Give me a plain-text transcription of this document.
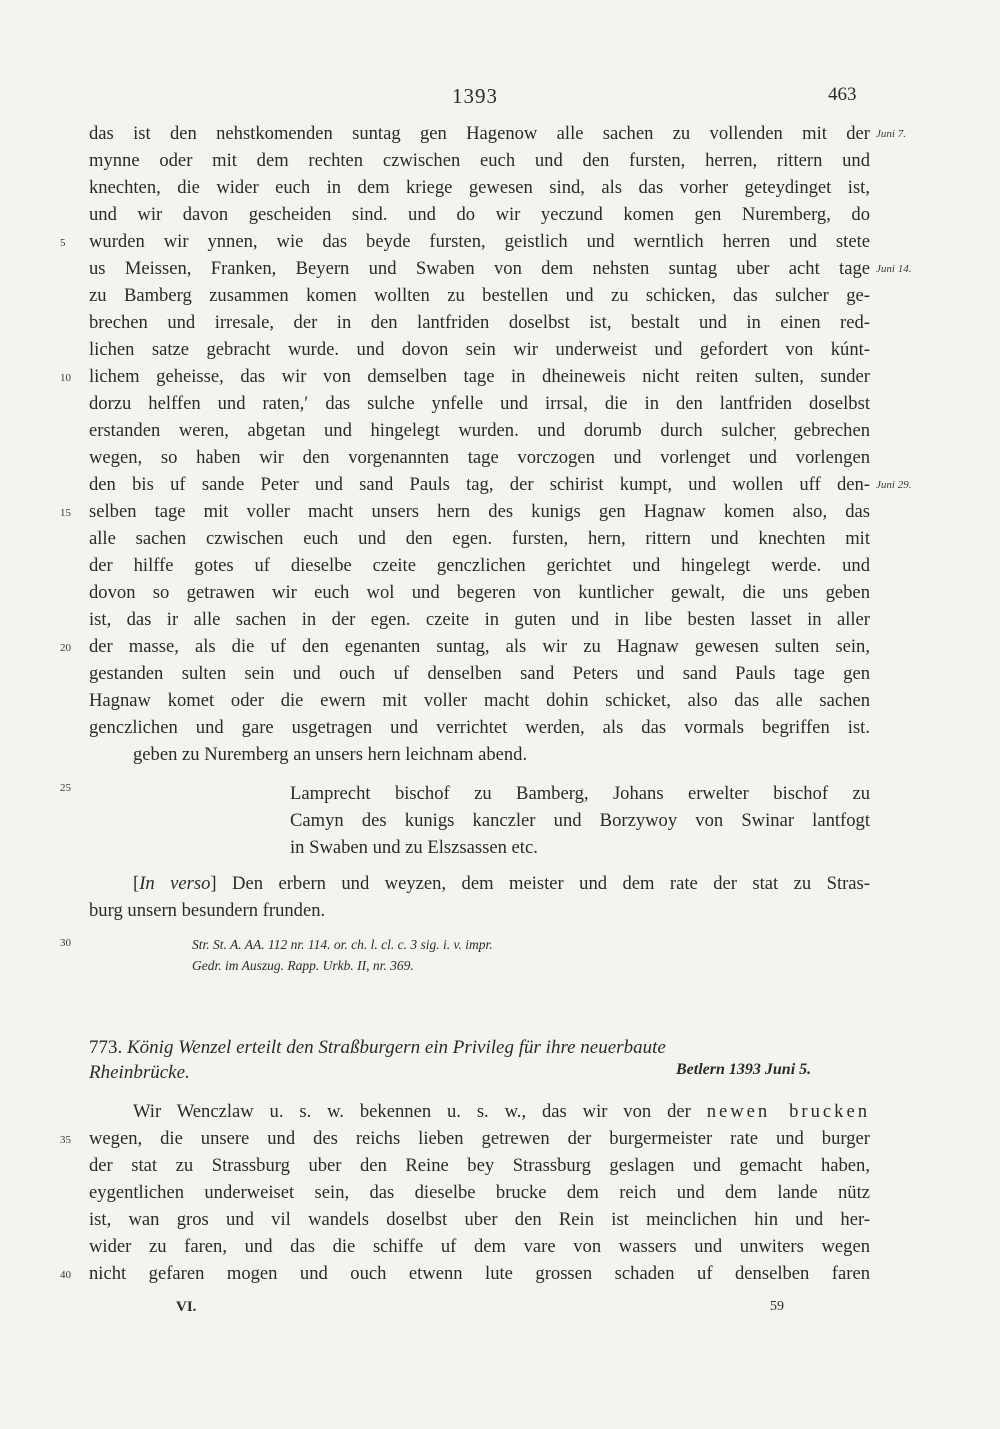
1393	463
das ist den nehstkomenden suntag gen Hagenow alle sachen zu vollenden mit der
mynne oder mit dem rechten czwischen euch und den fursten, herren, rittern und
knechten, die wider euch in dem kriege gewesen sind, als das vorher geteydinget ist,
und wir davon gescheiden sind. und do wir yeczund komen gen Nuremberg, do
wurden wir ynnen, wie das beyde fursten, geistlich und werntlich herren und stete
us Meissen, Franken, Beyern und Swaben von dem nehsten suntag uber acht tage
zu Bamberg zusammen komen wollten zu bestellen und zu schicken, das sulcher ge-
brechen und irresale, der in den lantfriden doselbst ist, bestalt und in einen red-
lichen satze gebracht wurde. und dovon sein wir underweist und gefordert von kúnt-
lichem geheisse, das wir von demselben tage in dheineweis nicht reiten sulten, sunder
dorzu helffen und raten,ʹ das sulche ynfelle und irrsal, die in den lantfriden doselbst
erstanden weren, abgetan und hingelegt wurden. und dorumb durch sulcher̦ gebrechen
wegen, so haben wir den vorgenannten tage vorczogen und vorlenget und vorlengen
den bis uf sande Peter und sand Pauls tag, der schirist kumpt, und wollen uff den-
selben tage mit voller macht unsers hern des kunigs gen Hagnaw komen also, das
alle sachen czwischen euch und den egen. fursten, hern, rittern und knechten mit
der hilffe gotes uf dieselbe czeite genczlichen gerichtet und hingelegt werde. und
dovon so getrawen wir euch wol und begeren von kuntlicher gewalt, die uns geben
ist, das ir alle sachen in der egen. czeite in guten und in libe besten lasset in aller
der masse, als die uf den egenanten suntag, als wir zu Hagnaw gewesen sulten sein,
gestanden sulten sein und ouch uf denselben sand Peters und sand Pauls tage gen
Hagnaw komet oder die ewern mit voller macht dohin schicket, also das alle sachen
genczlichen und gare usgetragen und verrichtet werden, als das vormals begriffen ist.
geben zu Nuremberg an unsers hern leichnam abend.
Lamprecht bischof zu Bamberg, Johans erwelter bischof zu
Camyn des kunigs kanczler und Borzywoy von Swinar lantfogt
in Swaben und zu Elszsassen etc.
[In verso] Den erbern und weyzen, dem meister und dem rate der stat zu Stras-
burg unsern besundern frunden.
Str. St. A. AA. 112 nr. 114. or. ch. l. cl. c. 3 sig. i. v. impr.
Gedr. im Auszug. Rapp. Urkb. II, nr. 369.
773. König Wenzel erteilt den Straßburgern ein Privileg für ihre neuerbaute
Rheinbrücke.	Betlern 1393 Juni 5.
Wir Wenczlaw u. s. w. bekennen u. s. w., das wir von der newen brucken
wegen, die unsere und des reichs lieben getrewen der burgermeister rate und burger
der stat zu Strassburg uber den Reine bey Strassburg geslagen und gemacht haben,
eygentlichen underweiset sein, das dieselbe brucke dem reich und dem lande nütz
ist, wan gros und vil wandels doselbst uber den Rein ist meinclichen hin und her-
wider zu faren, und das die schiffe uf dem vare von wassers und unwiters wegen
nicht gefaren mogen und ouch etwenn lute grossen schaden uf denselben faren
Juni 7.
Juni 14.
Juni 29.
5
10
15
20
25
30
35
40
VI.	59
